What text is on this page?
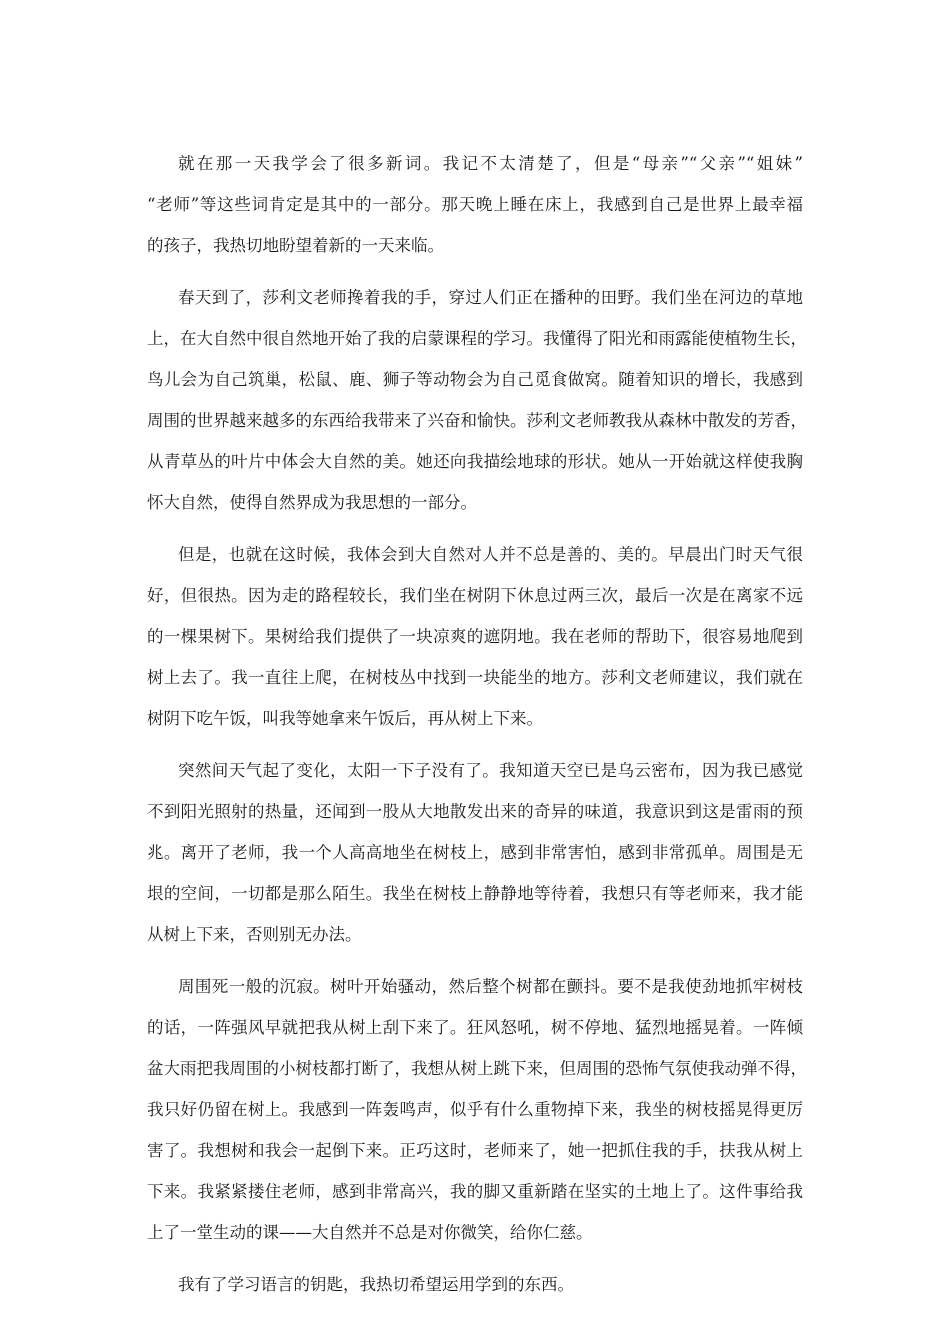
就在那一天我学会了很多新词。我记不太清楚了，但是“母亲”“父亲”“姐妹”

“老师”等这些词肯定是其中的一部分。那天晚上睡在床上，我感到自己是世界上最幸福

的孩子，我热切地盼望着新的一天来临。

春天到了，莎利文老师搀着我的手，穿过人们正在播种的田野。我们坐在河边的草地

上，在大自然中很自然地开始了我的启蒙课程的学习。我懂得了阳光和雨露能使植物生长，

鸟儿会为自己筑巢，松鼠、鹿、狮子等动物会为自己觅食做窝。随着知识的增长，我感到

周围的世界越来越多的东西给我带来了兴奋和愉快。莎利文老师教我从森林中散发的芳香，

从青草丛的叶片中体会大自然的美。她还向我描绘地球的形状。她从一开始就这样使我胸

怀大自然，使得自然界成为我思想的一部分。

但是，也就在这时候，我体会到大自然对人并不总是善的、美的。早晨出门时天气很

好，但很热。因为走的路程较长，我们坐在树阴下休息过两三次，最后一次是在离家不远

的一棵果树下。果树给我们提供了一块凉爽的遮阴地。我在老师的帮助下，很容易地爬到

树上去了。我一直往上爬，在树枝丛中找到一块能坐的地方。莎利文老师建议，我们就在

树阴下吃午饭，叫我等她拿来午饭后，再从树上下来。

突然间天气起了变化，太阳一下子没有了。我知道天空已是乌云密布，因为我已感觉

不到阳光照射的热量，还闻到一股从大地散发出来的奇异的味道，我意识到这是雷雨的预

兆。离开了老师，我一个人高高地坐在树枝上，感到非常害怕，感到非常孤单。周围是无

垠的空间，一切都是那么陌生。我坐在树枝上静静地等待着，我想只有等老师来，我才能

从树上下来，否则别无办法。

周围死一般的沉寂。树叶开始骚动，然后整个树都在颤抖。要不是我使劲地抓牢树枝

的话，一阵强风早就把我从树上刮下来了。狂风怒吼，树不停地、猛烈地摇晃着。一阵倾

盆大雨把我周围的小树枝都打断了，我想从树上跳下来，但周围的恐怖气氛使我动弹不得，

我只好仍留在树上。我感到一阵轰鸣声，似乎有什么重物掉下来，我坐的树枝摇晃得更厉

害了。我想树和我会一起倒下来。正巧这时，老师来了，她一把抓住我的手，扶我从树上

下来。我紧紧搂住老师，感到非常高兴，我的脚又重新踏在坚实的土地上了。这件事给我

上了一堂生动的课——大自然并不总是对你微笑，给你仁慈。

我有了学习语言的钥匙，我热切希望运用学到的东西。
